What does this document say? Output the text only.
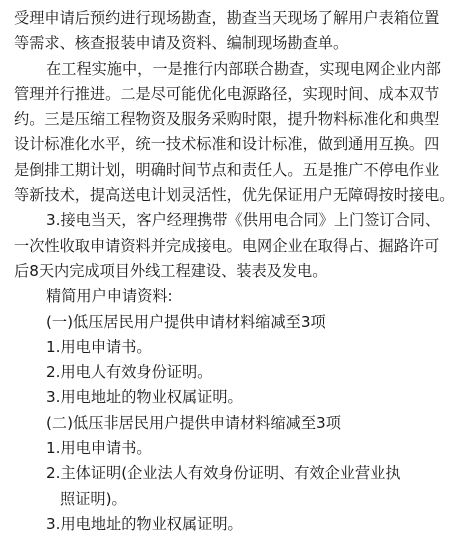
受理申请后预约进行现场勘查，勘查当天现场了解用户表箱位置
等需求、核查报装申请及资料、编制现场勘查单。
在工程实施中，一是推行内部联合勘查，实现电网企业内部
管理并行推进。二是尽可能优化电源路径，实现时间、成本双节
约。三是压缩工程物资及服务采购时限，提升物料标准化和典型
设计标准化水平，统一技术标准和设计标准，做到通用互换。四
是倒排工期计划，明确时间节点和责任人。五是推广不停电作业
等新技术，提高送电计划灵活性，优先保证用户无障碍按时接电。
3.接电当天，客户经理携带《供用电合同》上门签订合同、
一次性收取申请资料并完成接电。电网企业在取得占、掘路许可
后8天内完成项目外线工程建设、装表及发电。
精简用户申请资料:
(一)低压居民用户提供申请材料缩减至3项
1.用电申请书。
2.用电人有效身份证明。
3.用电地址的物业权属证明。
(二)低压非居民用户提供申请材料缩减至3项
1.用电申请书。
2.主体证明(企业法人有效身份证明、有效企业营业执
照证明)。
3.用电地址的物业权属证明。
